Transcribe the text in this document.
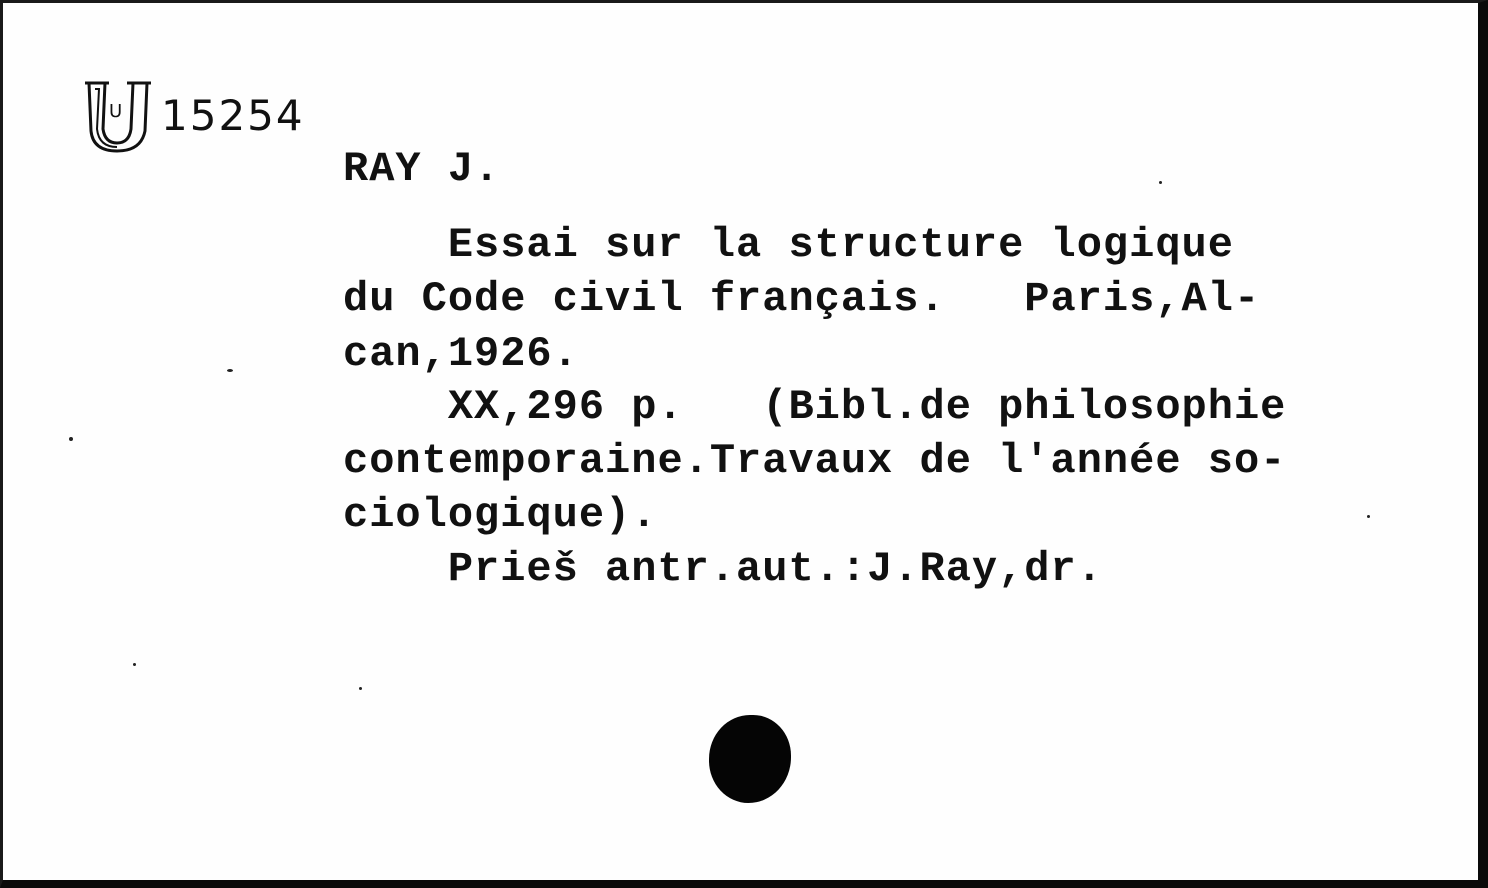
U 15254
RAY J.
Essai sur la structure logique
du Code civil français.   Paris,Al-
can,1926.
XX,296 p.   (Bibl.de philosophie
contemporaine.Travaux de l'année so-
ciologique).
Prieš antr.aut.:J.Ray,dr.
